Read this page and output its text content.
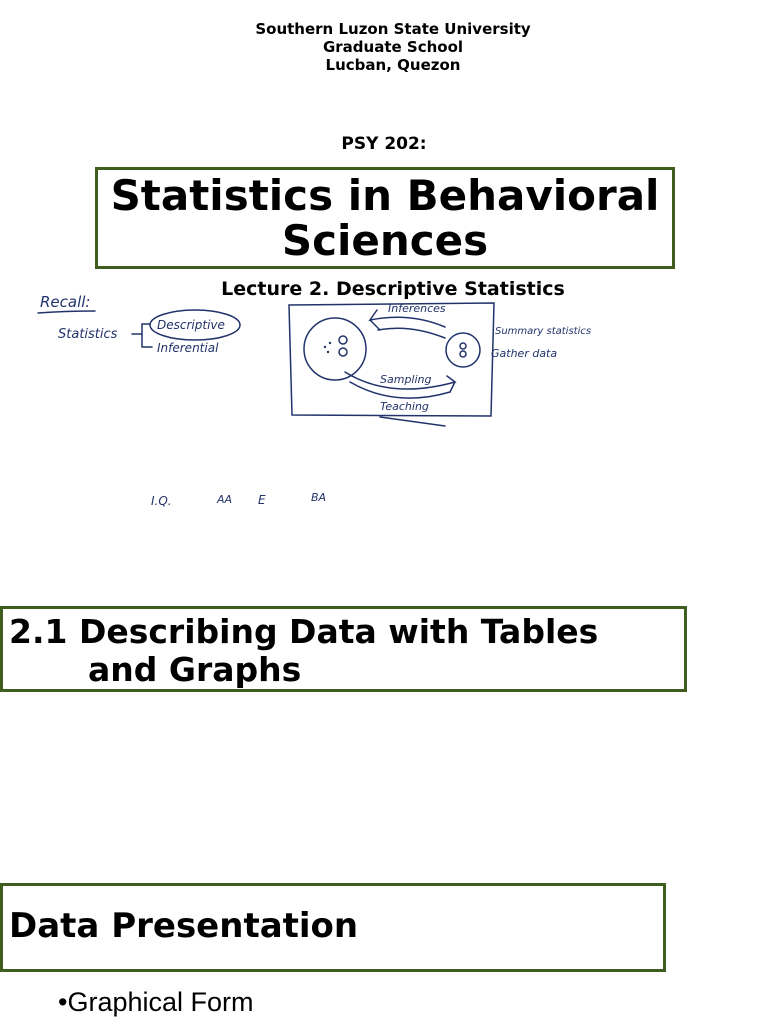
Southern Luzon State University
Graduate School
Lucban, Quezon
PSY 202:
Statistics in Behavioral
Sciences
Lecture 2. Descriptive Statistics
Recall:
Statistics
Descriptive
Inferential
Inferences
Summary statistics
Gather data
Sampling
Teaching
I.Q.	AA E	BA
2.1 Describing Data with Tables
and Graphs
Data Presentation
•Graphical Form
